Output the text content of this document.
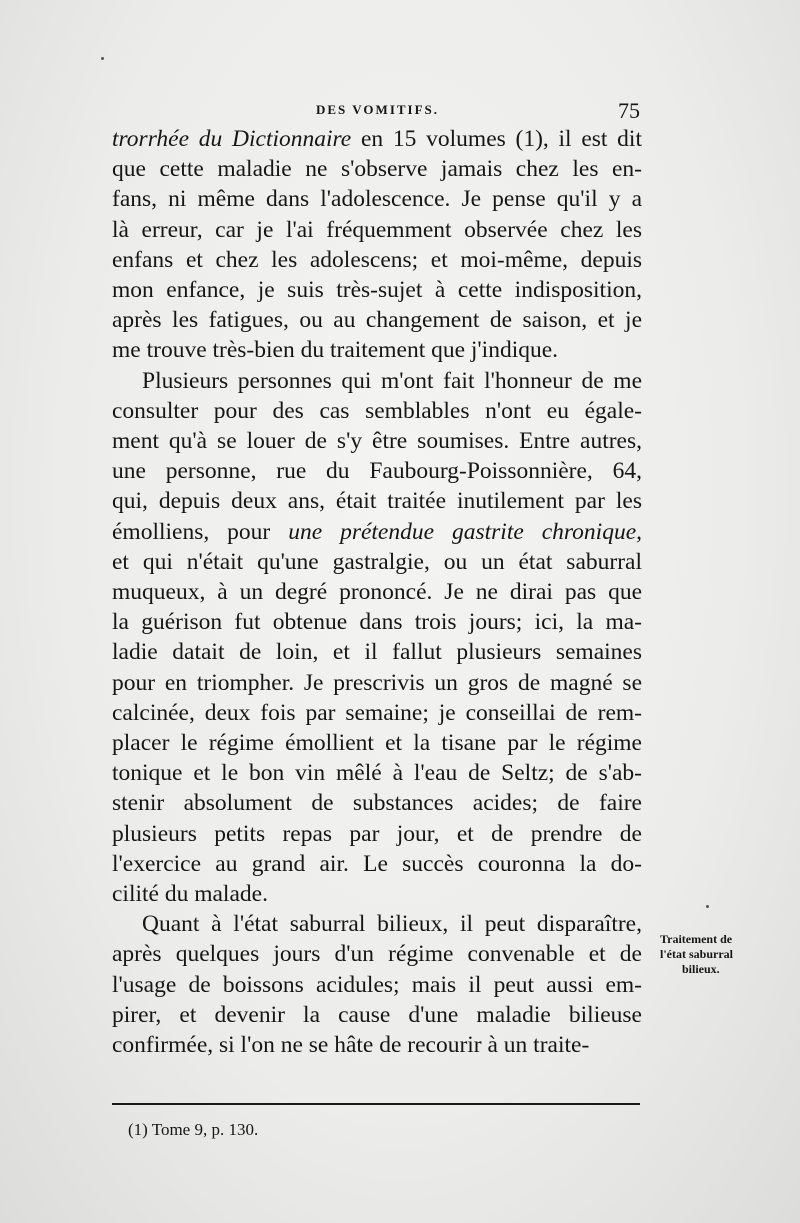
DES VOMITIFS.	75

trorrhée du Dictionnaire en 15 volumes (1), il est dit
que cette maladie ne s'observe jamais chez les en-
fans, ni même dans l'adolescence. Je pense qu'il y a
là erreur, car je l'ai fréquemment observée chez les
enfans et chez les adolescens; et moi-même, depuis
mon enfance, je suis très-sujet à cette indisposition,
après les fatigues, ou au changement de saison, et je
me trouve très-bien du traitement que j'indique.

Plusieurs personnes qui m'ont fait l'honneur de me
consulter pour des cas semblables n'ont eu égale-
ment qu'à se louer de s'y être soumises. Entre autres,
une personne, rue du Faubourg-Poissonnière, 64,
qui, depuis deux ans, était traitée inutilement par les
émolliens, pour une prétendue gastrite chronique,
et qui n'était qu'une gastralgie, ou un état saburral
muqueux, à un degré prononcé. Je ne dirai pas que
la guérison fut obtenue dans trois jours; ici, la ma-
ladie datait de loin, et il fallut plusieurs semaines
pour en triompher. Je prescrivis un gros de magné se
calcinée, deux fois par semaine; je conseillai de rem-
placer le régime émollient et la tisane par le régime
tonique et le bon vin mêlé à l'eau de Seltz; de s'ab-
stenir absolument de substances acides; de faire
plusieurs petits repas par jour, et de prendre de
l'exercice au grand air. Le succès couronna la do-
cilité du malade.

Quant à l'état saburral bilieux, il peut disparaître,
après quelques jours d'un régime convenable et de
l'usage de boissons acidules; mais il peut aussi em-
pirer, et devenir la cause d'une maladie bilieuse
confirmée, si l'on ne se hâte de recourir à un traite-

Traitement de
l'état saburral
bilieux.
(1) Tome 9, p. 130.
